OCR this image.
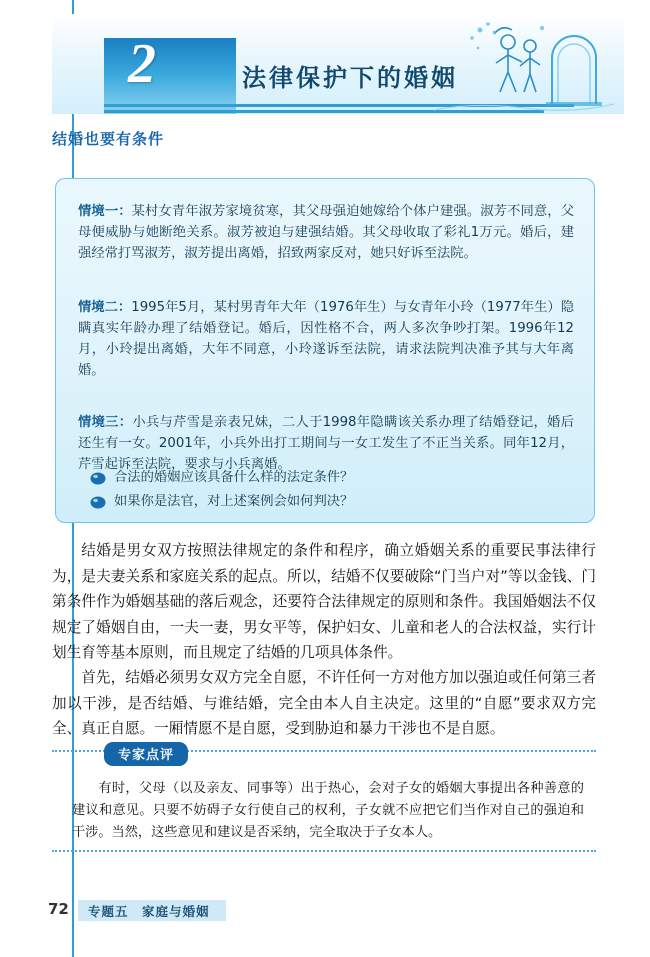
2	法律保护下的婚姻
结婚也要有条件
情境一：某村女青年淑芳家境贫寒，其父母强迫她嫁给个体户建强。淑芳不同意，父母便威胁与她断绝关系。淑芳被迫与建强结婚。其父母收取了彩礼1万元。婚后，建强经常打骂淑芳，淑芳提出离婚，招致两家反对，她只好诉至法院。
情境二：1995年5月，某村男青年大年（1976年生）与女青年小玲（1977年生）隐瞒真实年龄办理了结婚登记。婚后，因性格不合，两人多次争吵打架。1996年12月，小玲提出离婚，大年不同意，小玲遂诉至法院，请求法院判决准予其与大年离婚。
情境三：小兵与芹雪是亲表兄妹，二人于1998年隐瞒该关系办理了结婚登记，婚后还生有一女。2001年，小兵外出打工期间与一女工发生了不正当关系。同年12月，芹雪起诉至法院，要求与小兵离婚。
合法的婚姻应该具备什么样的法定条件？
如果你是法官，对上述案例会如何判决？
结婚是男女双方按照法律规定的条件和程序，确立婚姻关系的重要民事法律行为，是夫妻关系和家庭关系的起点。所以，结婚不仅要破除“门当户对”等以金钱、门第条件作为婚姻基础的落后观念，还要符合法律规定的原则和条件。我国婚姻法不仅规定了婚姻自由，一夫一妻，男女平等，保护妇女、儿童和老人的合法权益，实行计划生育等基本原则，而且规定了结婚的几项具体条件。
首先，结婚必须男女双方完全自愿，不许任何一方对他方加以强迫或任何第三者加以干涉，是否结婚、与谁结婚，完全由本人自主决定。这里的“自愿”要求双方完全、真正自愿。一厢情愿不是自愿，受到胁迫和暴力干涉也不是自愿。
专家点评
有时，父母（以及亲友、同事等）出于热心，会对子女的婚姻大事提出各种善意的建议和意见。只要不妨碍子女行使自己的权利，子女就不应把它们当作对自己的强迫和干涉。当然，这些意见和建议是否采纳，完全取决于子女本人。
72	专题五　家庭与婚姻
